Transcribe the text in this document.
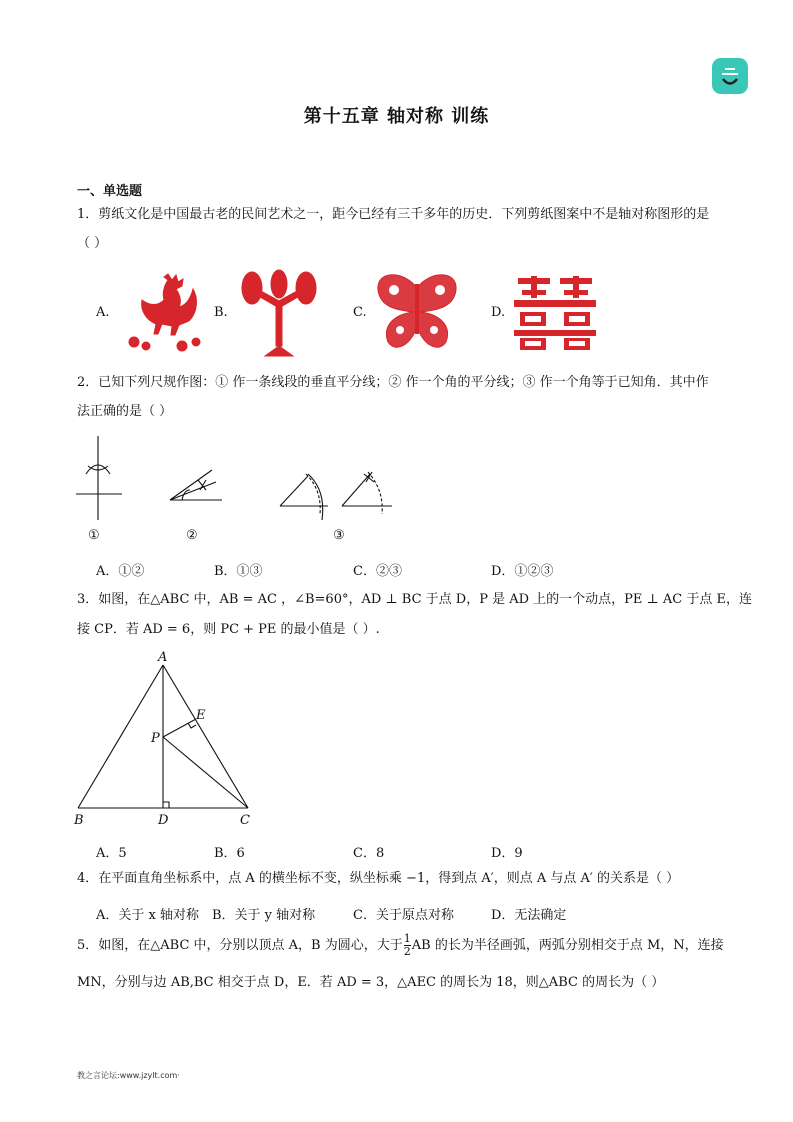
第十五章 轴对称 训练
一、单选题
1．剪纸文化是中国最古老的民间艺术之一，距今已经有三千多年的历史．下列剪纸图案中不是轴对称图形的是
（ ）
A.	B.	C.	D.
2．已知下列尺规作图：① 作一条线段的垂直平分线；② 作一个角的平分线；③ 作一个角等于已知角．其中作
法正确的是（ ）
①	②	③
A．①②	B．①③	C．②③	D．①②③
3．如图，在△ABC 中，AB = AC ，∠B=60°，AD ⊥ BC 于点 D，P 是 AD 上的一个动点，PE ⊥ AC 于点 E，连
接 CP．若 AD = 6，则 PC + PE 的最小值是（ ）.
A
B	C
D
P
E
A．5	B．6	C．8	D．9
4．在平面直角坐标系中，点 A 的横坐标不变，纵坐标乘 −1，得到点 A′，则点 A 与点 A′ 的关系是（ ）
A．关于 x 轴对称 B．关于 y 轴对称	C．关于原点对称	D．无法确定
5．如图，在△ABC 中，分别以顶点 A，B 为圆心，大于 $\frac{1}{2}$ AB 的长为半径画弧，两弧分别相交于点 M，N，连接
MN，分别与边 AB,BC 相交于点 D，E．若 AD = 3，△AEC 的周长为 18，则△ABC 的周长为（ ）
教之言论坛:www.jzylt.com·
